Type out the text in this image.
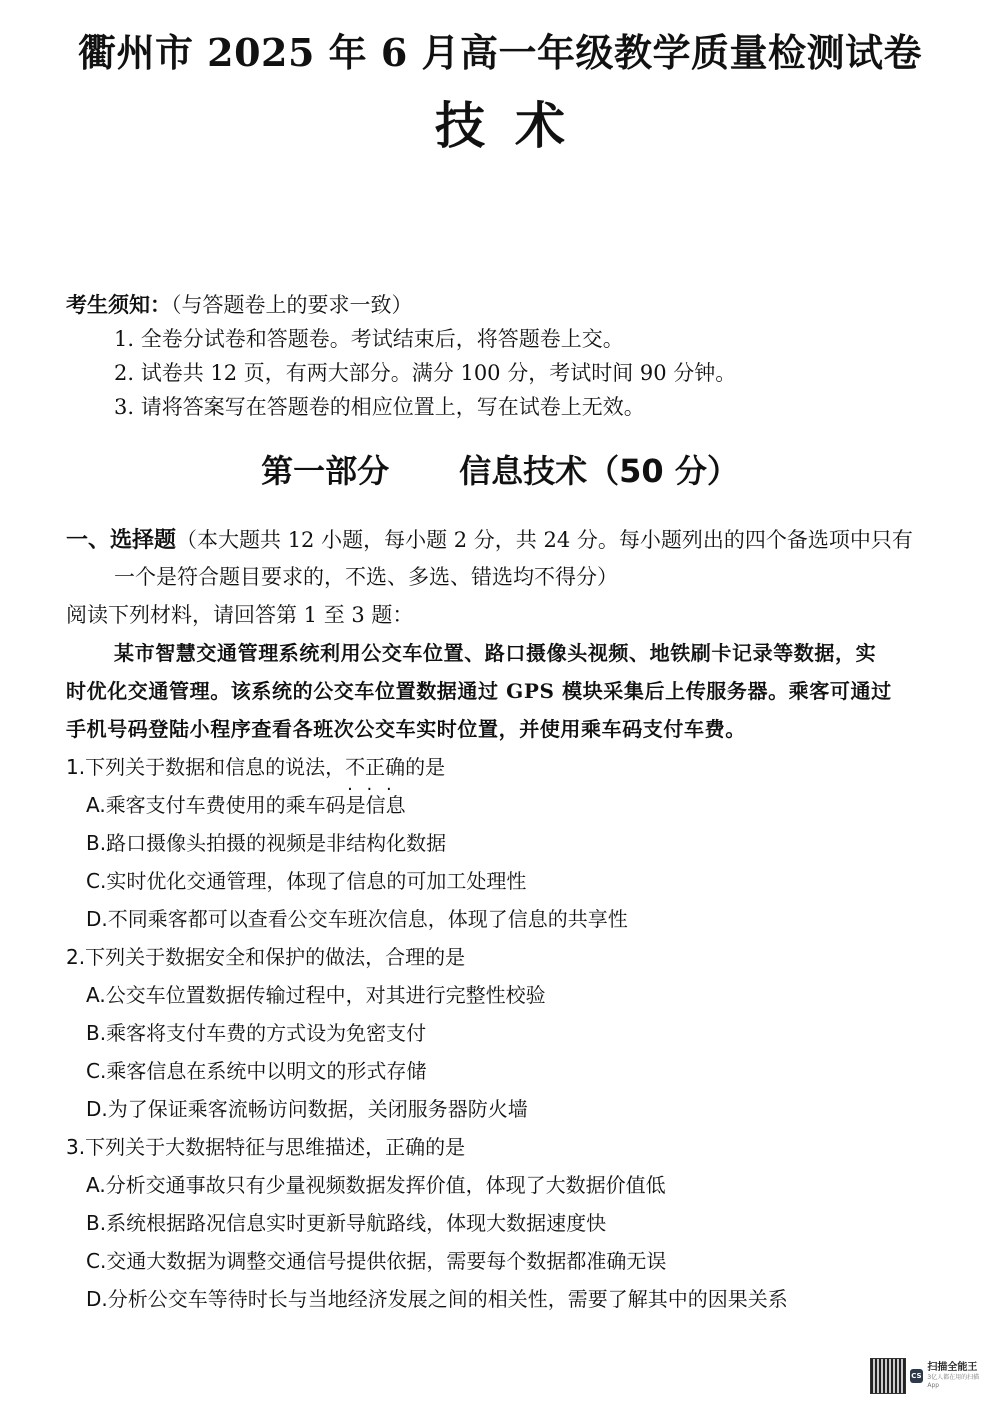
衢州市 2025 年 6 月高一年级教学质量检测试卷
技术
考生须知：（与答题卷上的要求一致）
1. 全卷分试卷和答题卷。考试结束后，将答题卷上交。
2. 试卷共 12 页，有两大部分。满分 100 分，考试时间 90 分钟。
3. 请将答案写在答题卷的相应位置上，写在试卷上无效。
第一部分 信息技术（50 分）
一、选择题（本大题共 12 小题，每小题 2 分，共 24 分。每小题列出的四个备选项中只有
一个是符合题目要求的，不选、多选、错选均不得分）
阅读下列材料，请回答第 1 至 3 题：

某市智慧交通管理系统利用公交车位置、路口摄像头视频、地铁刷卡记录等数据，实

时优化交通管理。该系统的公交车位置数据通过 GPS 模块采集后上传服务器。乘客可通过

手机号码登陆小程序查看各班次公交车实时位置，并使用乘车码支付车费。

1.下列关于数据和信息的说法，不正确 · · ·的是
A.乘客支付车费使用的乘车码是信息
B.路口摄像头拍摄的视频是非结构化数据
C.实时优化交通管理，体现了信息的可加工处理性
D.不同乘客都可以查看公交车班次信息，体现了信息的共享性
2.下列关于数据安全和保护的做法，合理的是
A.公交车位置数据传输过程中，对其进行完整性校验
B.乘客将支付车费的方式设为免密支付
C.乘客信息在系统中以明文的形式存储
D.为了保证乘客流畅访问数据，关闭服务器防火墙
3.下列关于大数据特征与思维描述，正确的是
A.分析交通事故只有少量视频数据发挥价值，体现了大数据价值低
B.系统根据路况信息实时更新导航路线，体现大数据速度快
C.交通大数据为调整交通信号提供依据，需要每个数据都准确无误
D.分析公交车等待时长与当地经济发展之间的相关性，需要了解其中的因果关系
CS
扫描全能王
3亿人都在用的扫描App
